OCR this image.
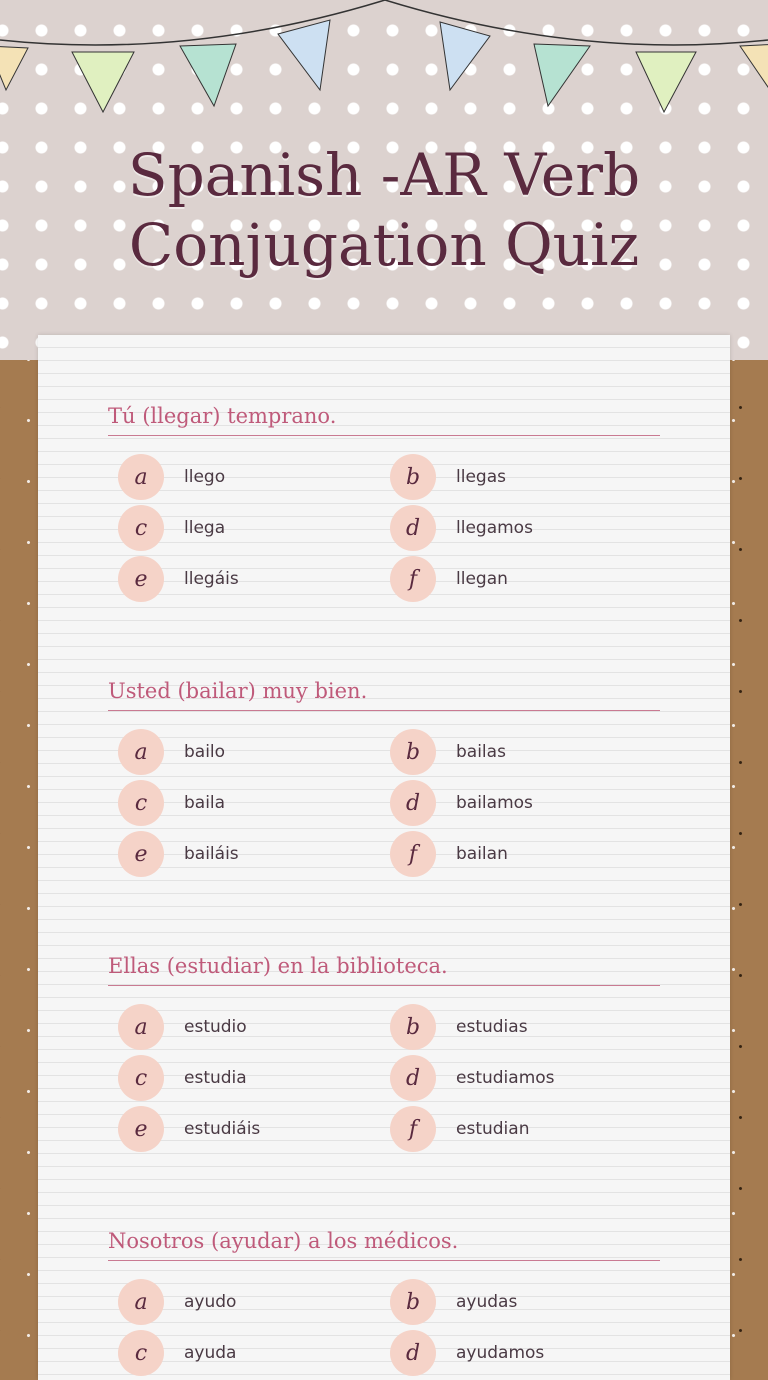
Spanish -AR Verb Conjugation Quiz
Tú (llegar) temprano.
a	llego	b	llegas
c	llega	d	llegamos
e	llegáis	f	llegan
Usted (bailar) muy bien.
a	bailo	b	bailas
c	baila	d	bailamos
e	bailáis	f	bailan
Ellas (estudiar) en la biblioteca.
a	estudio	b	estudias
c	estudia	d	estudiamos
e	estudiáis	f	estudian
Nosotros (ayudar) a los médicos.
a	ayudo	b	ayudas
c	ayuda	d	ayudamos
